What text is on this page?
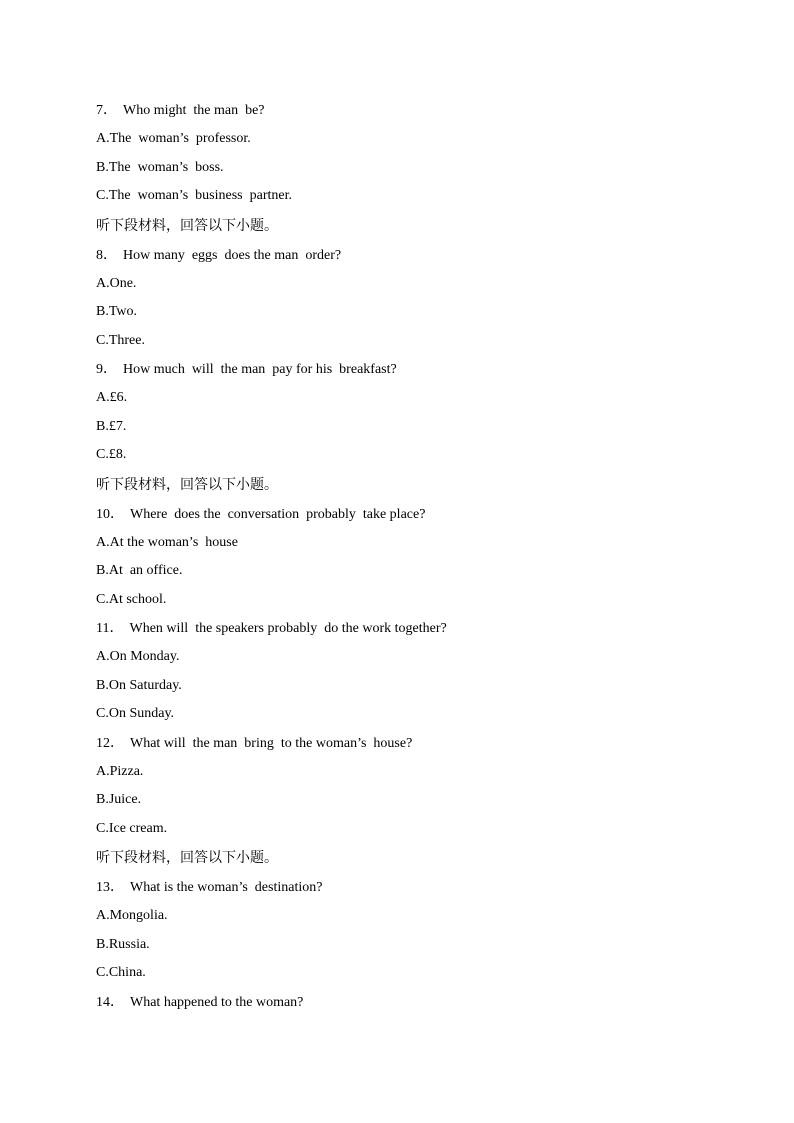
7． Who might  the man  be?
A.The  woman’s  professor.
B.The  woman’s  boss.
C.The  woman’s  business  partner.
听下段材料，回答以下小题。
8． How many  eggs  does the man  order?
A.One.
B.Two.
C.Three.
9． How much  will  the man  pay for his  breakfast?
A.£6.
B.£7.
C.£8.
听下段材料，回答以下小题。
10． Where  does the  conversation  probably  take place?
A.At the woman’s  house
B.At  an office.
C.At school.
11． When will  the speakers probably  do the work together?
A.On Monday.
B.On Saturday.
C.On Sunday.
12． What will  the man  bring  to the woman’s  house?
A.Pizza.
B.Juice.
C.Ice cream.
听下段材料，回答以下小题。
13． What is the woman’s  destination?
A.Mongolia.
B.Russia.
C.China.
14． What happened to the woman?
